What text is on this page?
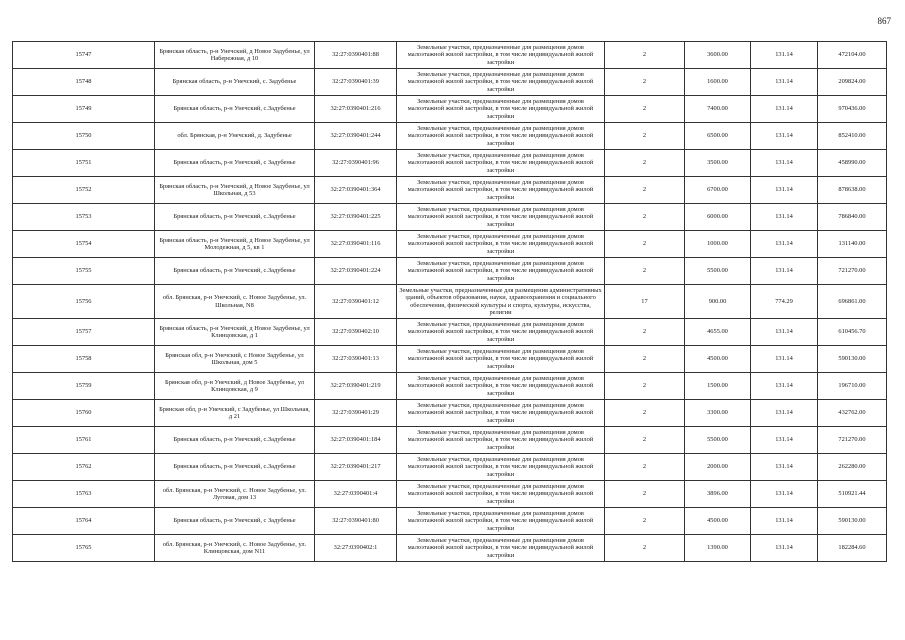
867
15747	Брянская область, р-н Унечский, д Новое Задубенье, ул Набережная, д 10	32:27:0390401:88	Земельные участки, предназначенные для размещения домов малоэтажной жилой застройки, в том числе индивидуальной жилой застройки	2	3600.00	131.14	472104.00
15748	Брянская область, р-н Унечский, с. Задубенье	32:27:0390401:39	Земельные участки, предназначенные для размещения домов малоэтажной жилой застройки, в том числе индивидуальной жилой застройки	2	1600.00	131.14	209824.00
15749	Брянская область, р-н Унечский, с.Задубенье	32:27:0390401:216	Земельные участки, предназначенные для размещения домов малоэтажной жилой застройки, в том числе индивидуальной жилой застройки	2	7400.00	131.14	970436.00
15750	обл. Брянская, р-н Унечский, д. Задубенье	32:27:0390401:244	Земельные участки, предназначенные для размещения домов малоэтажной жилой застройки, в том числе индивидуальной жилой застройки	2	6500.00	131.14	852410.00
15751	Брянская область, р-н Унечский, с Задубенье	32:27:0390401:96	Земельные участки, предназначенные для размещения домов малоэтажной жилой застройки, в том числе индивидуальной жилой застройки	2	3500.00	131.14	458990.00
15752	Брянская область, р-н Унечский, д Новое Задубенье, ул Школьная, д 53	32:27:0390401:364	Земельные участки, предназначенные для размещения домов малоэтажной жилой застройки, в том числе индивидуальной жилой застройки	2	6700.00	131.14	878638.00
15753	Брянская область, р-н Унечский, с.Задубенье	32:27:0390401:225	Земельные участки, предназначенные для размещения домов малоэтажной жилой застройки, в том числе индивидуальной жилой застройки	2	6000.00	131.14	786840.00
15754	Брянская область, р-н Унечский, д Новое Задубенье, ул Молодежная, д 5, кв 1	32:27:0390401:116	Земельные участки, предназначенные для размещения домов малоэтажной жилой застройки, в том числе индивидуальной жилой застройки	2	1000.00	131.14	131140.00
15755	Брянская область, р-н Унечский, с.Задубенье	32:27:0390401:224	Земельные участки, предназначенные для размещения домов малоэтажной жилой застройки, в том числе индивидуальной жилой застройки	2	5500.00	131.14	721270.00
15756	обл. Брянская, р-н Унечский, с. Новое Задубенье, ул. Школьная, N8	32:27:0390401:12	Земельные участки, предназначенные для размещения административных зданий, объектов образования, науки, здравоохранения и социального обеспечения, физической культуры и спорта, культуры, искусства, религии	17	900.00	774.29	696861.00
15757	Брянская область, р-н Унечский, д Новое Задубенье, ул Клинцовская, д 1	32:27:0390402:10	Земельные участки, предназначенные для размещения домов малоэтажной жилой застройки, в том числе индивидуальной жилой застройки	2	4655.00	131.14	610456.70
15758	Брянская обл, р-н Унечский, с Новое Задубенье, ул Школьная, дом 5	32:27:0390401:13	Земельные участки, предназначенные для размещения домов малоэтажной жилой застройки, в том числе индивидуальной жилой застройки	2	4500.00	131.14	590130.00
15759	Брянская обл, р-н Унечский, д Новое Задубенье, ул Клинцовская, д 9	32:27:0390401:219	Земельные участки, предназначенные для размещения домов малоэтажной жилой застройки, в том числе индивидуальной жилой застройки	2	1500.00	131.14	196710.00
15760	Брянская обл, р-н Унечский, с Задубенье, ул Школьная, д 21	32:27:0390401:29	Земельные участки, предназначенные для размещения домов малоэтажной жилой застройки, в том числе индивидуальной жилой застройки	2	3300.00	131.14	432762.00
15761	Брянская область, р-н Унечский, с.Задубенье	32:27:0390401:184	Земельные участки, предназначенные для размещения домов малоэтажной жилой застройки, в том числе индивидуальной жилой застройки	2	5500.00	131.14	721270.00
15762	Брянская область, р-н Унечский, с.Задубенье	32:27:0390401:217	Земельные участки, предназначенные для размещения домов малоэтажной жилой застройки, в том числе индивидуальной жилой застройки	2	2000.00	131.14	262280.00
15763	обл. Брянская, р-н Унечский, с. Новое Задубенье, ул. Луговая, дом 13	32:27:0390401:4	Земельные участки, предназначенные для размещения домов малоэтажной жилой застройки, в том числе индивидуальной жилой застройки	2	3896.00	131.14	510921.44
15764	Брянская область, р-н Унечский, с Задубенье	32:27:0390401:80	Земельные участки, предназначенные для размещения домов малоэтажной жилой застройки, в том числе индивидуальной жилой застройки	2	4500.00	131.14	590130.00
15765	обл. Брянская, р-н Унечский, с. Новое Задубенье, ул. Клинцовская, дом N11	32:27:0390402:1	Земельные участки, предназначенные для размещения домов малоэтажной жилой застройки, в том числе индивидуальной жилой застройки	2	1390.00	131.14	182284.60
